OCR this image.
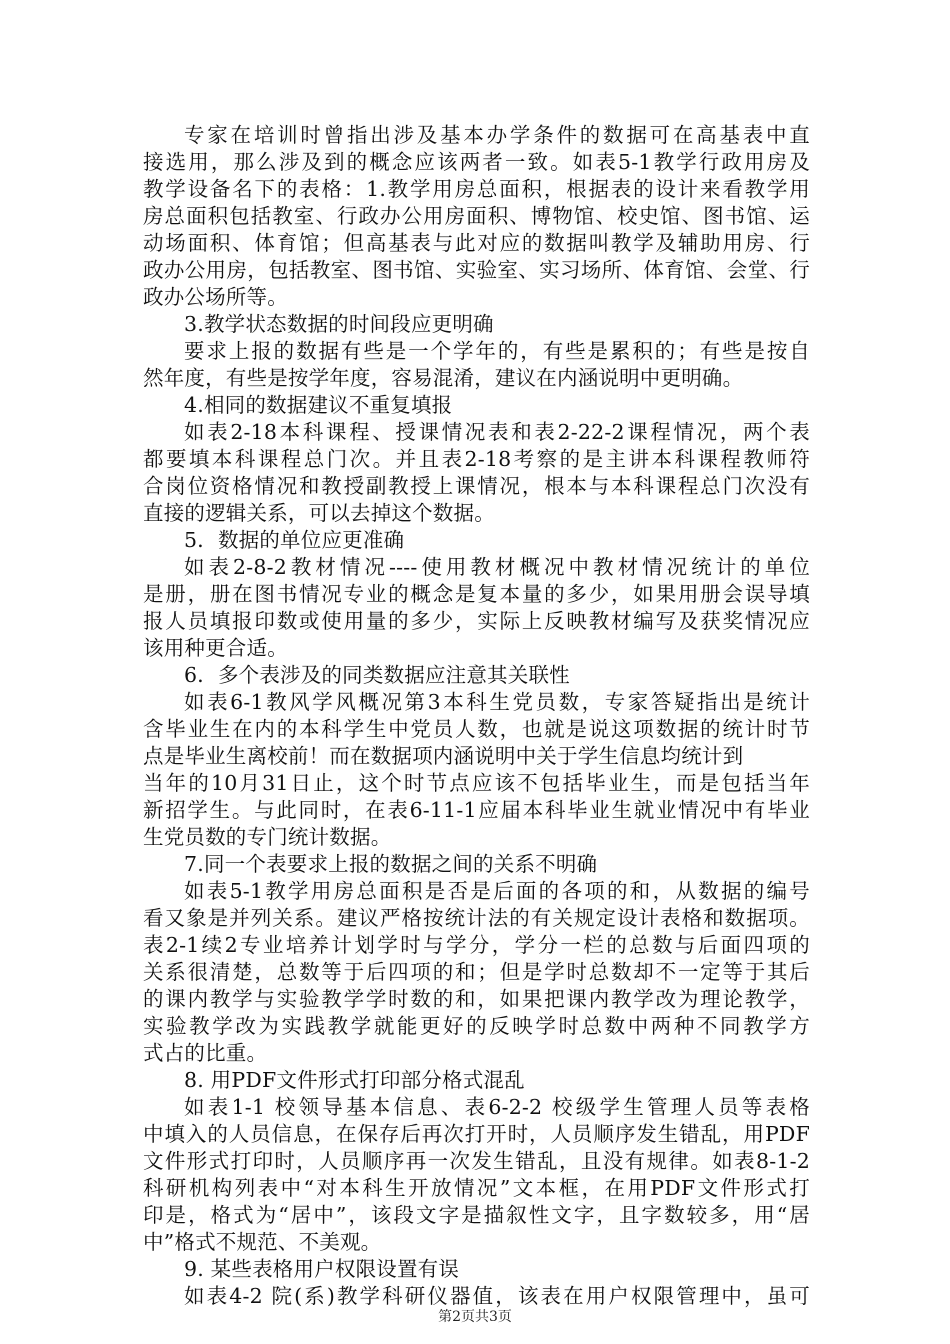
专家在培训时曾指出涉及基本办学条件的数据可在高基表中直
接选用，那么涉及到的概念应该两者一致。如表5-1教学行政用房及
教学设备名下的表格：1.教学用房总面积，根据表的设计来看教学用
房总面积包括教室、行政办公用房面积、博物馆、校史馆、图书馆、运
动场面积、体育馆；但高基表与此对应的数据叫教学及辅助用房、行
政办公用房，包括教室、图书馆、实验室、实习场所、体育馆、会堂、行
政办公场所等。
3.教学状态数据的时间段应更明确
要求上报的数据有些是一个学年的，有些是累积的；有些是按自
然年度，有些是按学年度，容易混淆，建议在内涵说明中更明确。
4.相同的数据建议不重复填报
如表2-18本科课程、授课情况表和表2-22-2课程情况，两个表
都要填本科课程总门次。并且表2-18考察的是主讲本科课程教师符
合岗位资格情况和教授副教授上课情况，根本与本科课程总门次没有
直接的逻辑关系，可以去掉这个数据。
5．数据的单位应更准确
如表2-8-2教材情况----使用教材概况中教材情况统计的单位
是册，册在图书情况专业的概念是复本量的多少，如果用册会误导填
报人员填报印数或使用量的多少，实际上反映教材编写及获奖情况应
该用种更合适。
6．多个表涉及的同类数据应注意其关联性
如表6-1教风学风概况第3本科生党员数，专家答疑指出是统计
含毕业生在内的本科学生中党员人数，也就是说这项数据的统计时节
点是毕业生离校前！而在数据项内涵说明中关于学生信息均统计到
当年的10月31日止，这个时节点应该不包括毕业生，而是包括当年
新招学生。与此同时，在表6-11-1应届本科毕业生就业情况中有毕业
生党员数的专门统计数据。
7.同一个表要求上报的数据之间的关系不明确
如表5-1教学用房总面积是否是后面的各项的和，从数据的编号
看又象是并列关系。建议严格按统计法的有关规定设计表格和数据项。
表2-1续2专业培养计划学时与学分，学分一栏的总数与后面四项的
关系很清楚，总数等于后四项的和；但是学时总数却不一定等于其后
的课内教学与实验教学学时数的和，如果把课内教学改为理论教学，
实验教学改为实践教学就能更好的反映学时总数中两种不同教学方
式占的比重。
8. 用PDF文件形式打印部分格式混乱
如表1-1 校领导基本信息、表6-2-2 校级学生管理人员等表格
中填入的人员信息，在保存后再次打开时，人员顺序发生错乱，用PDF
文件形式打印时，人员顺序再一次发生错乱，且没有规律。如表8-1-2
科研机构列表中“对本科生开放情况”文本框，在用PDF文件形式打
印是，格式为“居中”，该段文字是描叙性文字，且字数较多，用“居
中”格式不规范、不美观。
9. 某些表格用户权限设置有误
如表4-2 院(系)教学科研仪器值，该表在用户权限管理中，虽可
第2页共3页
